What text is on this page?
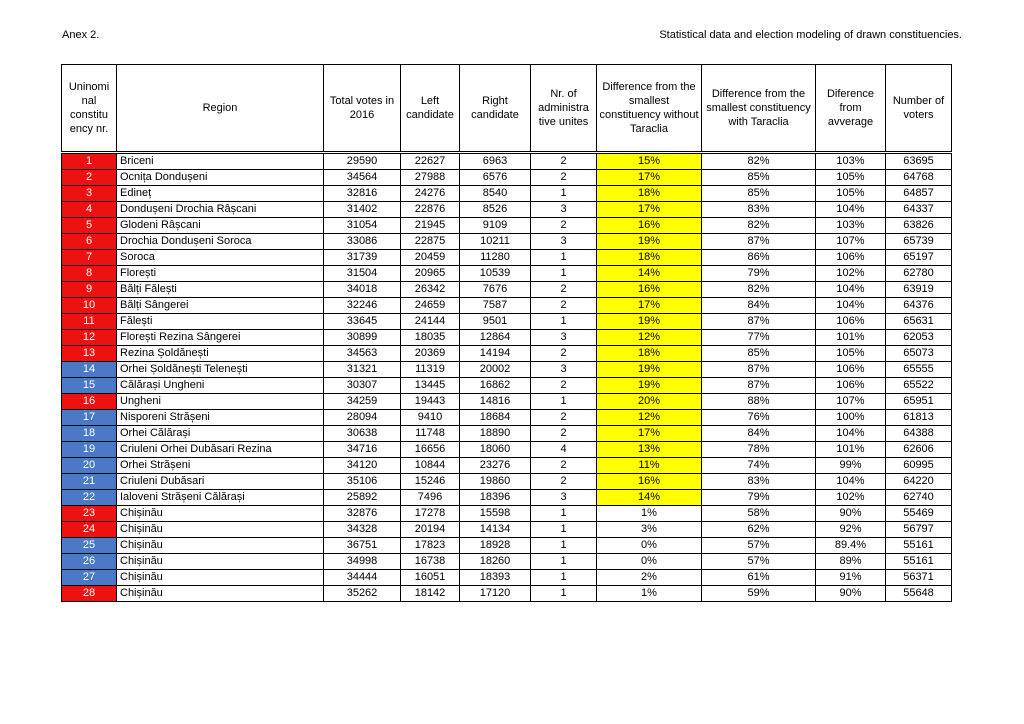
Anex 2.	Statistical data and election modeling of drawn constituencies.
Uninomi nal constitu ency nr.	Region	Total votes in 2016	Left candidate	Right candidate	Nr. of administra tive unites	Difference from the smallest constituency without Taraclia	Difference from the smallest constituency with Taraclia	Diference from avverage	Number of voters
1	Briceni	29590	22627	6963	2	15%	82%	103%	63695
2	Ocnița Dondușeni	34564	27988	6576	2	17%	85%	105%	64768
3	Edineț	32816	24276	8540	1	18%	85%	105%	64857
4	Dondușeni Drochia Râșcani	31402	22876	8526	3	17%	83%	104%	64337
5	Glodeni Râșcani	31054	21945	9109	2	16%	82%	103%	63826
6	Drochia Dondușeni Soroca	33086	22875	10211	3	19%	87%	107%	65739
7	Soroca	31739	20459	11280	1	18%	86%	106%	65197
8	Florești	31504	20965	10539	1	14%	79%	102%	62780
9	Bălți Fălești	34018	26342	7676	2	16%	82%	104%	63919
10	Bălți Sângerei	32246	24659	7587	2	17%	84%	104%	64376
11	Fălești	33645	24144	9501	1	19%	87%	106%	65631
12	Florești Rezina Sângerei	30899	18035	12864	3	12%	77%	101%	62053
13	Rezina Șoldănești	34563	20369	14194	2	18%	85%	105%	65073
14	Orhei Șoldănești Telenești	31321	11319	20002	3	19%	87%	106%	65555
15	Călărași Ungheni	30307	13445	16862	2	19%	87%	106%	65522
16	Ungheni	34259	19443	14816	1	20%	88%	107%	65951
17	Nisporeni Strășeni	28094	9410	18684	2	12%	76%	100%	61813
18	Orhei Călărași	30638	11748	18890	2	17%	84%	104%	64388
19	Criuleni Orhei Dubăsari Rezina	34716	16656	18060	4	13%	78%	101%	62606
20	Orhei Strășeni	34120	10844	23276	2	11%	74%	99%	60995
21	Criuleni Dubăsari	35106	15246	19860	2	16%	83%	104%	64220
22	Ialoveni Strășeni Călărași	25892	7496	18396	3	14%	79%	102%	62740
23	Chișinău	32876	17278	15598	1	1%	58%	90%	55469
24	Chișinău	34328	20194	14134	1	3%	62%	92%	56797
25	Chișinău	36751	17823	18928	1	0%	57%	89.4%	55161
26	Chișinău	34998	16738	18260	1	0%	57%	89%	55161
27	Chișinău	34444	16051	18393	1	2%	61%	91%	56371
28	Chișinău	35262	18142	17120	1	1%	59%	90%	55648
